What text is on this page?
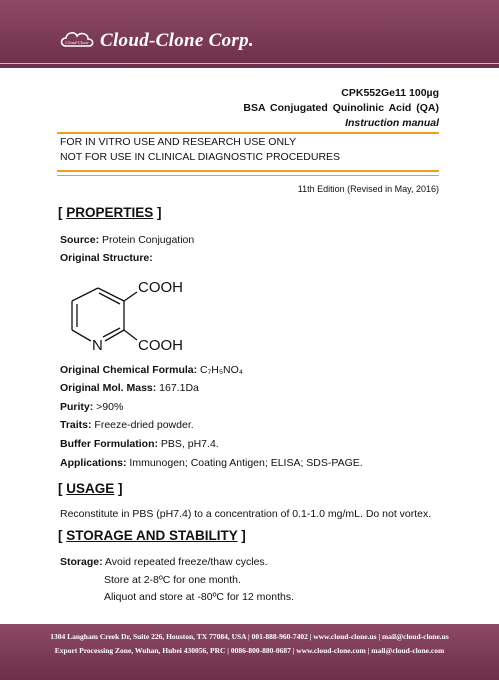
Cloud-Clone Cloud-Clone Corp.
CPK552Ge11 100µg
BSA Conjugated Quinolinic Acid (QA)
Instruction manual
FOR IN VITRO USE AND RESEARCH USE ONLY
NOT FOR USE IN CLINICAL DIAGNOSTIC PROCEDURES
11th Edition (Revised in May, 2016)
[ PROPERTIES ]
Source: Protein Conjugation
Original Structure:
COOH
COOH
N
Original Chemical Formula: C₇H₅NO₄
Original Mol. Mass: 167.1Da
Purity: >90%
Traits: Freeze-dried powder.
Buffer Formulation: PBS, pH7.4.
Applications: Immunogen; Coating Antigen; ELISA; SDS-PAGE.
[ USAGE ]
Reconstitute in PBS (pH7.4) to a concentration of 0.1-1.0 mg/mL. Do not vortex.
[ STORAGE AND STABILITY ]
Storage: Avoid repeated freeze/thaw cycles.
Store at 2-8ºC for one month.
Aliquot and store at -80ºC for 12 months.
1304 Langham Creek Dr, Suite 226, Houston, TX 77084, USA | 001-888-960-7402 | www.cloud-clone.us | mail@cloud-clone.us
Export Processing Zone, Wuhan, Hubei 430056, PRC | 0086-800-880-0687 | www.cloud-clone.com | mail@cloud-clone.com
